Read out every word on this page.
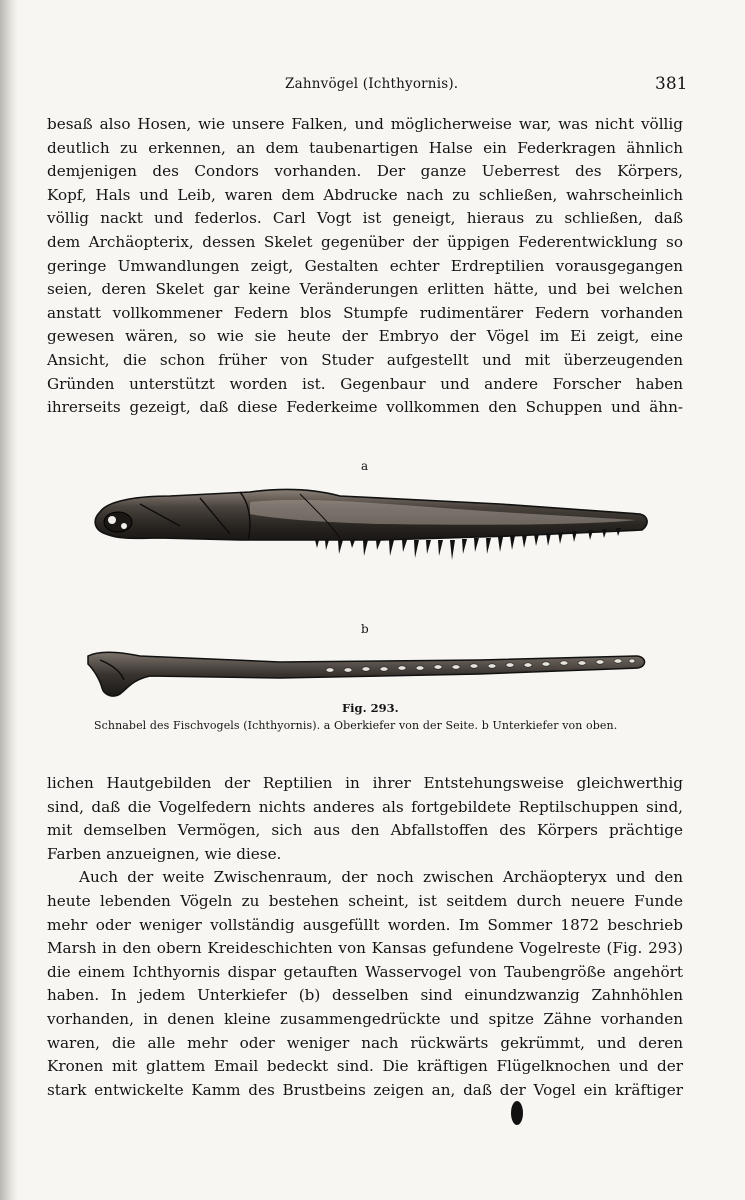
Zahnvögel (Ichthyornis).	381
besaß also Hosen, wie unsere Falken, und möglicherweise war, was nicht völlig
deutlich zu erkennen, an dem taubenartigen Halse ein Federkragen ähnlich
demjenigen des Condors vorhanden. Der ganze Ueberrest des Körpers,
Kopf, Hals und Leib, waren dem Abdrucke nach zu schließen, wahrscheinlich
völlig nackt und federlos. Carl Vogt ist geneigt, hieraus zu schließen, daß
dem Archäopterix, dessen Skelet gegenüber der üppigen Federentwicklung so
geringe Umwandlungen zeigt, Gestalten echter Erdreptilien vorausgegangen
seien, deren Skelet gar keine Veränderungen erlitten hätte, und bei welchen
anstatt vollkommener Federn blos Stumpfe rudimentärer Federn vorhanden
gewesen wären, so wie sie heute der Embryo der Vögel im Ei zeigt, eine
Ansicht, die schon früher von Studer aufgestellt und mit überzeugenden
Gründen unterstützt worden ist. Gegenbaur und andere Forscher haben
ihrerseits gezeigt, daß diese Federkeime vollkommen den Schuppen und ähn-
a
b
Fig. 293.
Schnabel des Fischvogels (Ichthyornis). a Oberkiefer von der Seite. b Unterkiefer von oben.
lichen Hautgebilden der Reptilien in ihrer Entstehungsweise gleichwerthig
sind, daß die Vogelfedern nichts anderes als fortgebildete Reptilschuppen sind,
mit demselben Vermögen, sich aus den Abfallstoffen des Körpers prächtige
Farben anzueignen, wie diese.
Auch der weite Zwischenraum, der noch zwischen Archäopteryx und den
heute lebenden Vögeln zu bestehen scheint, ist seitdem durch neuere Funde
mehr oder weniger vollständig ausgefüllt worden. Im Sommer 1872 beschrieb
Marsh in den obern Kreideschichten von Kansas gefundene Vogelreste (Fig. 293)
die einem Ichthyornis dispar getauften Wasservogel von Taubengröße angehört
haben. In jedem Unterkiefer (b) desselben sind einundzwanzig Zahnhöhlen
vorhanden, in denen kleine zusammengedrückte und spitze Zähne vorhanden
waren, die alle mehr oder weniger nach rückwärts gekrümmt, und deren
Kronen mit glattem Email bedeckt sind. Die kräftigen Flügelknochen und der
stark entwickelte Kamm des Brustbeins zeigen an, daß der Vogel ein kräftiger
